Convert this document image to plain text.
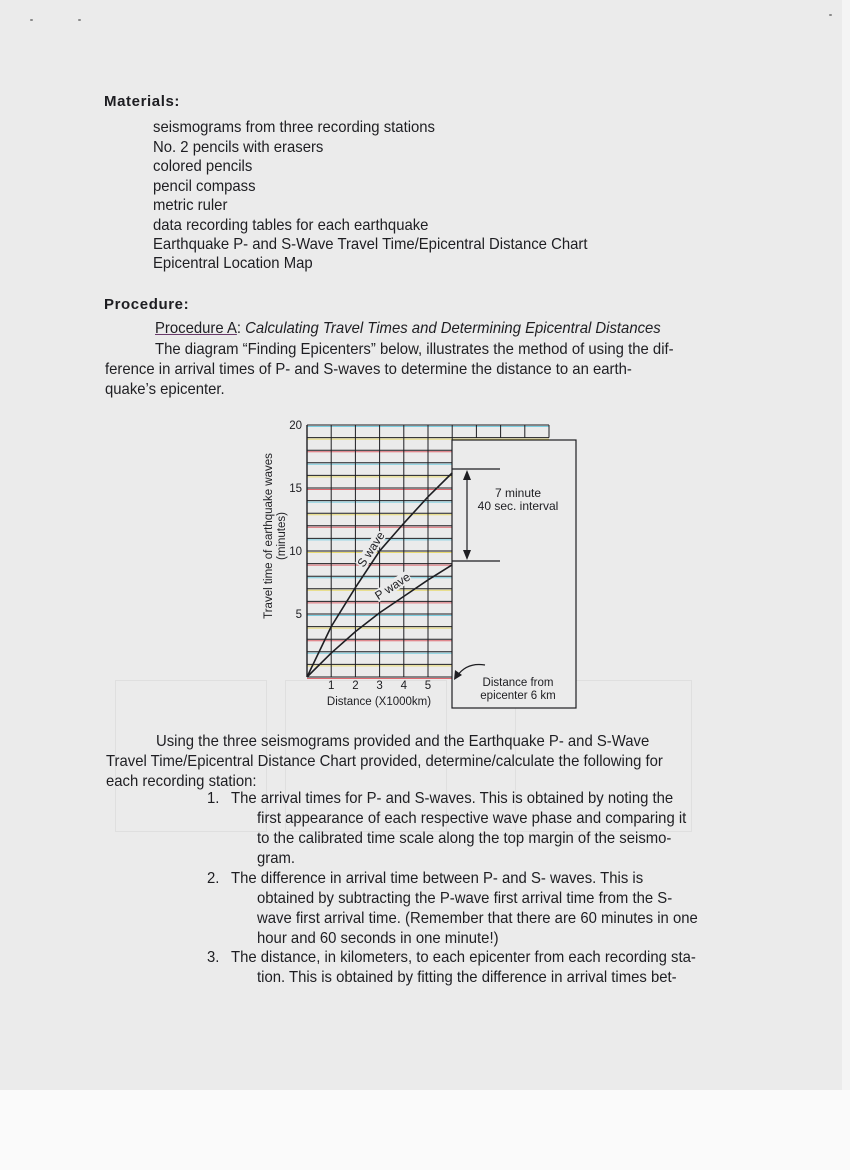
Materials:
seismograms from three recording stations
No. 2 pencils with erasers
colored pencils
pencil compass
metric ruler
data recording tables for each earthquake
Earthquake P- and S-Wave Travel Time/Epicentral Distance Chart
Epicentral Location Map
Procedure:
Procedure A: Calculating Travel Times and Determining Epicentral Distances
The diagram “Finding Epicenters” below, illustrates the method of using the dif-
ference in arrival times of P- and S-waves to determine the distance to an earth-
quake’s epicenter.
7 minute
40 sec. interval
Distance from
epicenter 6 km
S wave
P wave
1 2 3 4 5
5
10
15
20
Distance (X1000km)
Travel time of earthquake waves (minutes)
Using the three seismograms provided and the Earthquake P- and S-Wave
Travel Time/Epicentral Distance Chart provided, determine/calculate the following for
each recording station:
1. The arrival times for P- and S-waves. This is obtained by noting the
first appearance of each respective wave phase and comparing it
to the calibrated time scale along the top margin of the seismo-
gram.
2. The difference in arrival time between P- and S- waves. This is
obtained by subtracting the P-wave first arrival time from the S-
wave first arrival time. (Remember that there are 60 minutes in one
hour and 60 seconds in one minute!)
3. The distance, in kilometers, to each epicenter from each recording sta-
tion. This is obtained by fitting the difference in arrival times bet-
